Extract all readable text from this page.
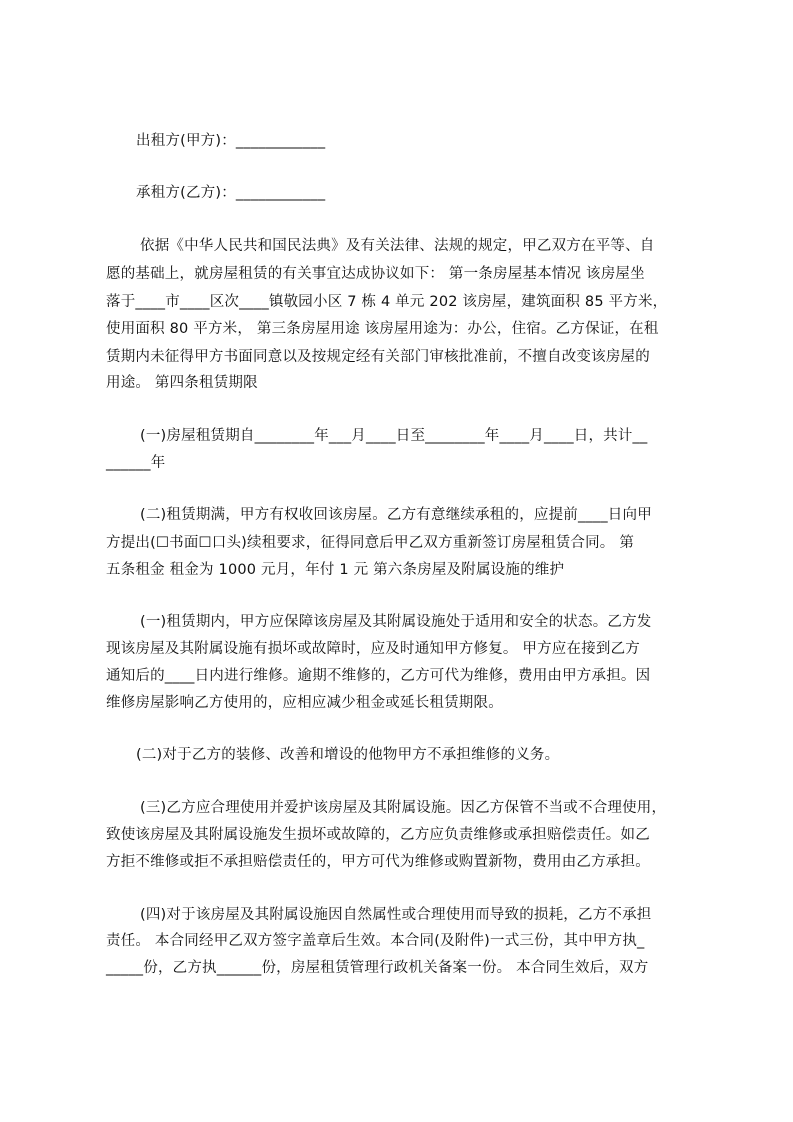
出租方(甲方)：____________

承租方(乙方)：____________

依据《中华人民共和国民法典》及有关法律、法规的规定，甲乙双方在平等、自

愿的基础上，就房屋租赁的有关事宜达成协议如下： 第一条房屋基本情况 该房屋坐

落于____市____区次____镇敬园小区 7 栋 4 单元 202 该房屋，建筑面积 85 平方米，

使用面积 80 平方米， 第三条房屋用途 该房屋用途为：办公，住宿。乙方保证，在租

赁期内未征得甲方书面同意以及按规定经有关部门审核批准前，不擅自改变该房屋的

用途。 第四条租赁期限

(一)房屋租赁期自________年___月____日至________年____月____日，共计__

______年

(二)租赁期满，甲方有权收回该房屋。乙方有意继续承租的，应提前____日向甲

方提出(☐书面☐口头)续租要求，征得同意后甲乙双方重新签订房屋租赁合同。 第

五条租金 租金为 1000 元月，年付 1 元 第六条房屋及附属设施的维护

(一)租赁期内，甲方应保障该房屋及其附属设施处于适用和安全的状态。乙方发

现该房屋及其附属设施有损坏或故障时，应及时通知甲方修复。 甲方应在接到乙方

通知后的____日内进行维修。逾期不维修的，乙方可代为维修，费用由甲方承担。因

维修房屋影响乙方使用的，应相应减少租金或延长租赁期限。

(二)对于乙方的装修、改善和增设的他物甲方不承担维修的义务。

(三)乙方应合理使用并爱护该房屋及其附属设施。因乙方保管不当或不合理使用，

致使该房屋及其附属设施发生损坏或故障的，乙方应负责维修或承担赔偿责任。如乙

方拒不维修或拒不承担赔偿责任的，甲方可代为维修或购置新物，费用由乙方承担。

(四)对于该房屋及其附属设施因自然属性或合理使用而导致的损耗，乙方不承担

责任。 本合同经甲乙双方签字盖章后生效。本合同(及附件)一式三份，其中甲方执_

_____份，乙方执______份，房屋租赁管理行政机关备案一份。 本合同生效后，双方
